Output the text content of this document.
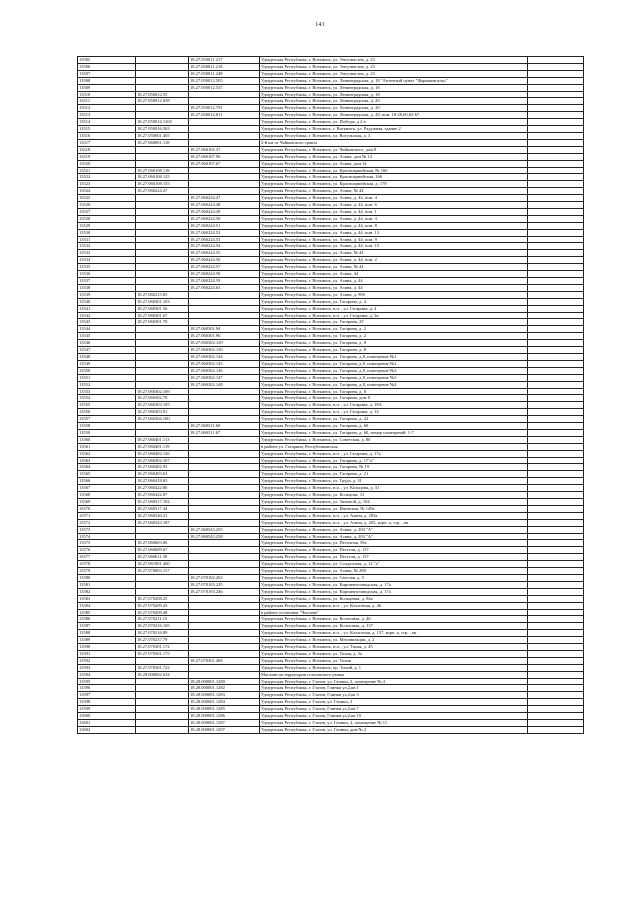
141
13505		18.27.050011.217	Удмуртская Республика, г. Воткинск, ул. Энтузиастов, д. 23	
13506		18.27.050011.218	Удмуртская Республика, г. Воткинск, ул. Энтузиастов, д. 23	
13507		18.27.050011.248	Удмуртская Республика, г. Воткинск, ул. Энтузиастов, д. 23	
13508		18.27.050012.505	Удмуртская Республика, г. Воткинск, ул. Ленинградская, д. 18 "Аптечный пункт "Фармаимпульс"	
13509		18.27.050012.537	Удмуртская Республика, г. Воткинск, ул. Ленинградская, д. 18	
13510	18.27.050012.55		Удмуртская Республика, г. Воткинск, ул. Ленинградская, д. 18	
13511	18.27.050012.658		Удмуртская Республика, г. Воткинск, ул. Ленинградская, д. 20	
13512		18.27.050012.791	Удмуртская Республика, г. Воткинск, ул. Ленинградская, д. 20	
13513		18.27.050012.811	Удмуртская Республика, г. Воткинск, ул. Ленинградская, д. 20, пом. 18-28,60,65-67	
13514	18.27.050014.1265		Удмуртская Республика, г. Воткинск, ул. Победы, д 2 в	
13515	18.27.050016.563		Удмуртская Республика, г. Воткинск, г. Воткинск, ул. Радужная, здание 2	
13516	18.27.050001.405		Удмуртская Республика, г. Воткинск, ул. Вогульская, д. 3	
13517	18.27.060001.118		2-й км от Чайковского тракта	
13518		18.27.060102.37	Удмуртская Республика, г. Воткинск, ул. Чайковского, дом 8	
13519		18.27.060107.96	Удмуртская Республика, г. Воткинск, ул. Азина, дом № 14	
13520		18.27.060107.67	Удмуртская Республика, г. Воткинск, ул. Азина, дом 14	
13521	18.27.060108.118		Удмуртская Республика, г. Воткинск, ул. Красноармейская, № 166	
13522	18.27.060108.125		Удмуртская Республика, г. Воткинск, ул. Красноармейская, 166	
13523	18.27.060108.155		Удмуртская Республика, г. Воткинск, ул. Красноармейская, д. 178	
13524	18.27.060224.27		Удмуртская Республика, г. Воткинск, ул. Азина, № 44	
13525		18.27.060224.47	Удмуртская Республика, г. Воткинск, ул. Азина, д. 44, пом. 4	
13526		18.27.060224.48	Удмуртская Республика, г. Воткинск, ул. Азина, д. 44, пом. 6	
13527		18.27.060224.49	Удмуртская Республика, г. Воткинск, ул. Азина, д. 44, пом. 1	
13528		18.27.060224.50	Удмуртская Республика, г. Воткинск, ул. Азина, д. 44, пом. 3	
13529		18.27.060224.51	Удмуртская Республика, г. Воткинск, ул. Азина, д. 44, пом. 8	
13530		18.27.060224.52	Удмуртская Республика, г. Воткинск, ул. Азина, д. 44, пом. 13	
13531		18.27.060224.53	Удмуртская Республика, г. Воткинск, ул. Азина, д. 44, пом. 9	
13532		18.27.060224.54	Удмуртская Республика, г. Воткинск, ул. Азина, д. 44, пом. 15	
13533		18.27.060224.55	Удмуртская Республика, г. Воткинск, ул. Азина, № 44	
13534		18.27.060224.56	Удмуртская Республика, г. Воткинск, ул. Азина, д. 44, пом. 2	
13535		18.27.060224.57	Удмуртская Республика, г. Воткинск, ул. Азина, № 44	
13536		18.27.060224.58	Удмуртская Республика, г. Воткинск, ул. Азина, 44	
13537		18.27.060224.59	Удмуртская Республика, г. Воткинск, ул. Азина, д. 44	
13538		18.27.060224.63	Удмуртская Республика, г. Воткинск, ул. Азина, д. 44	
13539	18.27.060215.83		Удмуртская Республика, г. Воткинск, ул. Азина, д. 90б	
13540	18.27.060301.103		Удмуртская Республика, г. Воткинск, ул. Гагарина, д. 4	
13541	18.27.060301.56		Удмуртская Республика, г. Воткинск, н.п. , ул. Гагарина, д. 4	
13542	18.27.060301.67		Удмуртская Республика, г. Воткинск, н.п. , ул. Гагарина, д. 2в	
13543	18.27.060301.70		Удмуртская Республика, г. Воткинск, ул. Гагарина, 2Г	
13544		18.27.060301.94	Удмуртская Республика, г. Воткинск, ул. Гагарина, д. 2	
13545		18.27.060301.96	Удмуртская Республика, г. Воткинск, ул. Гагарина, д. 2	
13546		18.27.060302.129	Удмуртская Республика, г. Воткинск, ул. Гагарина, д. 8	
13547		18.27.060302.130	Удмуртская Республика, г. Воткинск, ул. Гагарина, д. 8	
13548		18.27.060302.144	Удмуртская Республика, г. Воткинск, ул. Гагарина, д.8, помещение №1	
13549		18.27.060302.145	Удмуртская Республика, г. Воткинск, ул. Гагарина, д.8, помещение №2	
13550		18.27.060302.146	Удмуртская Республика, г. Воткинск, ул. Гагарина, д.8, помещение №3	
13551		18.27.060302.147	Удмуртская Республика, г. Воткинск, ул. Гагарина, д.8, помещение №3	
13552		18.27.060302.148	Удмуртская Республика, г. Воткинск, ул. Гагарина, д.8, помещение №4	
13553	18.27.060302.169		Удмуртская Республика, г. Воткинск, ул. Гагарина, д. 8	
13554	18.27.060302.78		Удмуртская Республика, г. Воткинск, ул. Гагарина, дом 8	
13555	18.27.060303.105		Удмуртская Республика, г. Воткинск, н.п. , ул. Гагарина, д. 18А	
13556	18.27.060303.91		Удмуртская Республика, г. Воткинск, н.п. , ул. Гагарина, д. 14	
13557	18.27.060304.100		Удмуртская Республика, г. Воткинск, ул. Гагарина, д. 22	
13558		18.27.060311.60	Удмуртская Республика, г. Воткинск, ул. Гагарина, д. 60	
13559		18.27.060311.67	Удмуртская Республика, г. Воткинск, ул. Гагарина, д. 60, номер помещений: 1-7	
13560	18.27.060401.113		Удмуртская Республика, г. Воткинск, ул. Советская, д. 80	
13561	18.27.060401.119		в районе ул. Гагарина, Республиканская	
13562	18.27.060402.126		Удмуртская Республика, г. Воткинск, н.п. , ул. Гагарина, д. 17а	
13563	18.27.060402.167		Удмуртская Республика, г. Воткинск, ул. Гагарина, д. 17"а"	
13564	18.27.060402.93		Удмуртская Республика, г. Воткинск, ул. Гагарина, № 19	
13565	18.27.060403.63		Удмуртская Республика, г. Воткинск, ул. Гагарина, д. 21	
13566	18.27.060418.63		Удмуртская Республика, г. Воткинск, ул. Труда, д. 31	
13567	18.27.060422.86		Удмуртская Республика, г. Воткинск, н.п. , ул. Кольцова, д. 31	
13568	18.27.060422.87		Удмуртская Республика, г. Воткинск, ул. Кольцова, 31	
13569	18.27.060517.182		Удмуртская Республика, г. Воткинск, ул. Зимовой, д. 104	
13570	18.27.060517.44		Удмуртская Республика, г. Воткинск, ул. Ижевская, № 149а	
13571	18.27.060540.21		Удмуртская Республика, г. Воткинск, н.п. , ул. Азина, д. 203а	
13572	18.27.060543.187		Удмуртская Республика, г. Воткинск, н.п. , ул. Азина, д. 203, корп. а, стр. , кв.	
13573		18.27.060543.255	Удмуртская Республика, г. Воткинск, ул. Азина, д. 203 "А"	
13574		18.27.060543.258	Удмуртская Республика, г. Воткинск, ул. Азина, д. 203 "А"	
13575	18.27.060603.86		Удмуртская Республика, г. Воткинск, ул. Песочная, 59а	
13576	18.27.060609.67		Удмуртская Республика, г. Воткинск, ул. Пестеля, д. 137	
13577	18.27.060611.30		Удмуртская Республика, г. Воткинск, ул. Пестеля, д. 137	
13578	18.27.061801.460		Удмуртская Республика, г. Воткинск, ул. Солдатская, д. 12 "а"	
13579	18.27.070003.157		Удмуртская Республика, г. Воткинск, ул. Азина, № 208	
13580		18.27.070102.263	Удмуртская Республика, г. Воткинск, ул. Светлая, д. 5	
13581		18.27.070103.245	Удмуртская Республика, г. Воткинск, ул. Кирпичнозаводская, д. 17а	
13582		18.27.070103.246	Удмуртская Республика, г. Воткинск, ул. Кирпичнозаводская, д. 17а	
13583	18.27.070208.25		Удмуртская Республика, г. Воткинск, ул. Кольцевая, д. 84а	
13584	18.27.070209.43		Удмуртская Республика, г. Воткинск, н.п. , ул. Колхозная, д. 46	
13585	18.27.070209.48		в районе остановки "Чкалова"	
13586	18.27.070211.15		Удмуртская Республика, г. Воткинск, ул. Колхозная, д. 46	
13587	18.27.070216.105		Удмуртская Республика, г. Воткинск, ул. Колхозная, д. 137	
13588	18.27.070216.89		Удмуртская Республика, г. Воткинск, н.п. , ул. Колхозная, д. 137, корп. а, стр. , кв.	
13589	18.27.070237.79		Удмуртская Республика, г. Воткинск, ул. Механизации, д. 2	
13590	18.27.070301.172		Удмуртская Республика, г. Воткинск, н.п. , ул. Тихая, д. 45	
13591	18.27.070301.175		Удмуртская Республика, г. Воткинск, ул. Тихая, д. 3а	
13592		18.27.070301.406	Удмуртская Республика, г. Воткинск, ул. Тихая	
13593	18.27.070301.722		Удмуртская Республика, г. Воткинск, пр. Тихий, д. 1	
13594	18.28.000002.634		Магазин на территории гглазовского рынка	
13595		18.28.000001.1280	Удмуртская Республика, г. Глазов, ул. Глинки, 2, помещение № 4	
13596		18.28.000001.1282	Удмуртская Республика, г. Глазов, Глинки ул,2,кв 1	
13597		18.28.000001.1283	Удмуртская Республика, г. Глазов, Глинки ул,2,кв 3	
13598		18.28.000001.1284	Удмуртская Республика, г. Глазов, ул. Глинки, 2	
13599		18.28.000001.1285	Удмуртская Республика, г. Глазов, Глинки ул,2,кв 7	
13600		18.28.000001.1286	Удмуртская Республика, г. Глазов, Глинки ул,2,кв 10	
13601		18.28.000001.1287	Удмуртская Республика, г. Глазов, ул. Глинки, 2, помещение № 11	
13602		18.28.000001.1297	Удмуртская Республика, г. Глазов, ул. Глинки, дом № 2	
